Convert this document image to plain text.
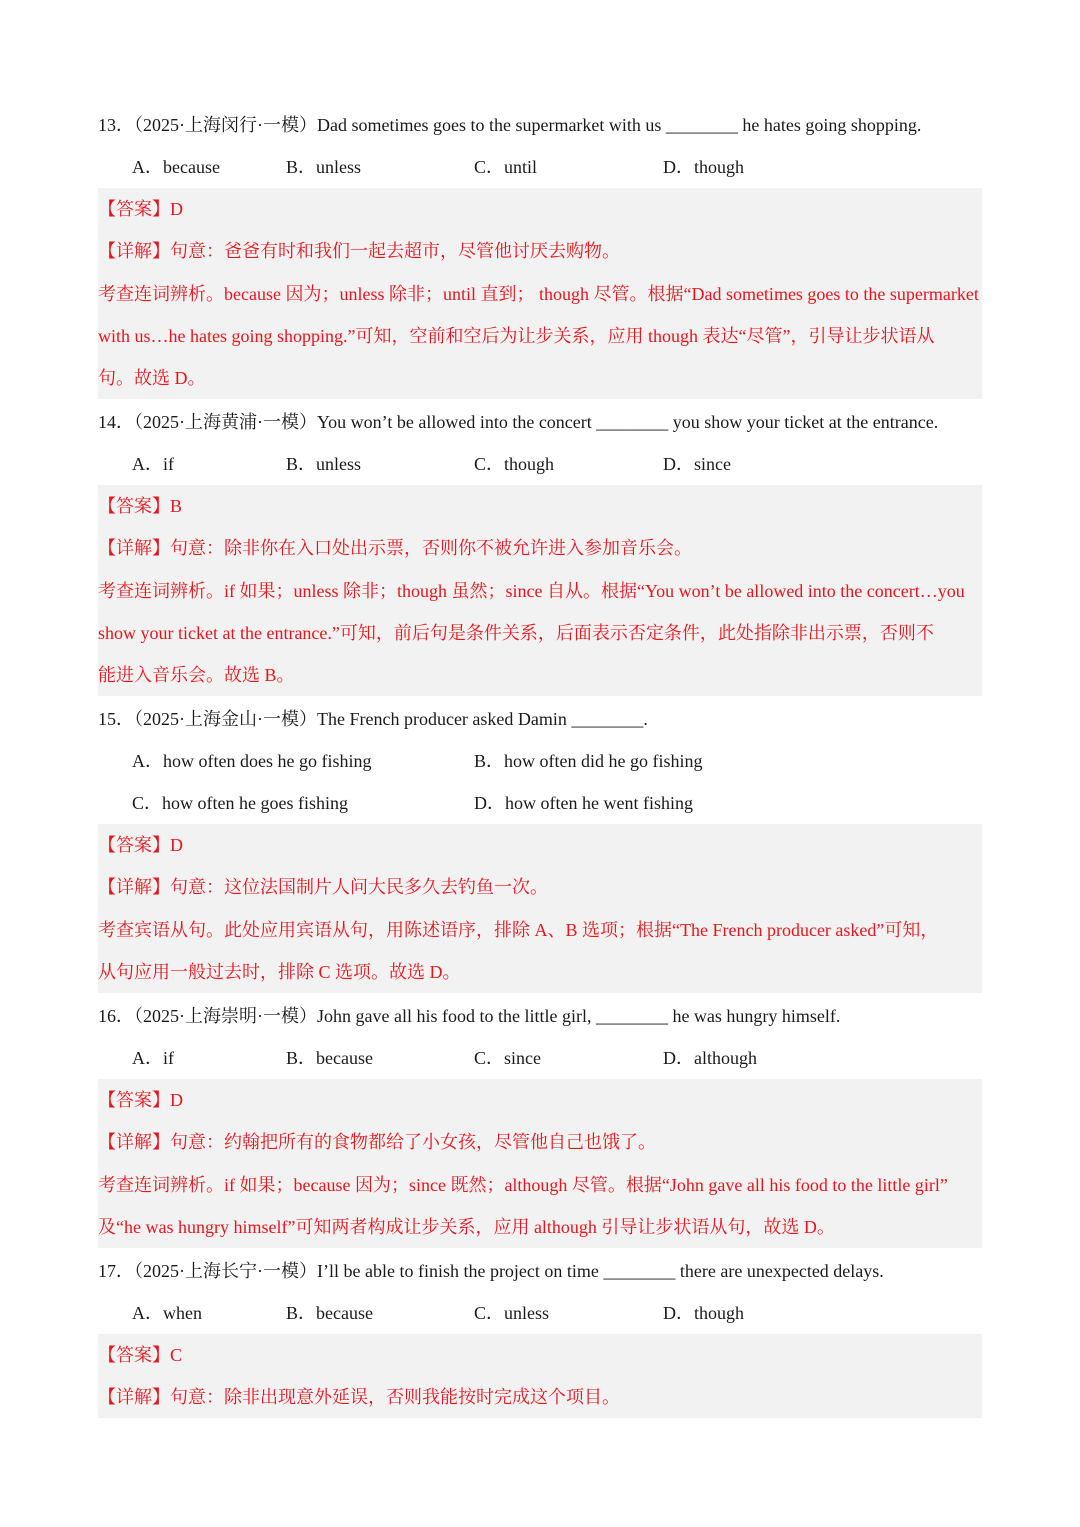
13．（2025·上海闵行·一模）Dad sometimes goes to the supermarket with us ________ he hates going shopping.
A．because	B．unless	C．until	D．though
【答案】D
【详解】句意：爸爸有时和我们一起去超市，尽管他讨厌去购物。
考查连词辨析。because 因为；unless 除非；until 直到； though 尽管。根据“Dad sometimes goes to the supermarket
with us…he hates going shopping.”可知，空前和空后为让步关系，应用 though 表达“尽管”，引导让步状语从
句。故选 D。
14．（2025·上海黄浦·一模）You won’t be allowed into the concert ________ you show your ticket at the entrance.
A．if	B．unless	C．though	D．since
【答案】B
【详解】句意：除非你在入口处出示票，否则你不被允许进入参加音乐会。
考查连词辨析。if 如果；unless 除非；though 虽然；since 自从。根据“You won’t be allowed into the concert…you
show your ticket at the entrance.”可知，前后句是条件关系，后面表示否定条件，此处指除非出示票，否则不
能进入音乐会。故选 B。
15．（2025·上海金山·一模）The French producer asked Damin ________.
A．how often does he go fishing	B．how often did he go fishing
C．how often he goes fishing	D．how often he went fishing
【答案】D
【详解】句意：这位法国制片人问大民多久去钓鱼一次。
考查宾语从句。此处应用宾语从句，用陈述语序，排除 A、B 选项；根据“The French producer asked”可知，
从句应用一般过去时，排除 C 选项。故选 D。
16．（2025·上海崇明·一模）John gave all his food to the little girl, ________ he was hungry himself.
A．if	B．because	C．since	D．although
【答案】D
【详解】句意：约翰把所有的食物都给了小女孩，尽管他自己也饿了。
考查连词辨析。if 如果；because 因为；since 既然；although 尽管。根据“John gave all his food to the little girl”
及“he was hungry himself”可知两者构成让步关系，应用 although 引导让步状语从句，故选 D。
17．（2025·上海长宁·一模）I’ll be able to finish the project on time ________ there are unexpected delays.
A．when	B．because	C．unless	D．though
【答案】C
【详解】句意：除非出现意外延误，否则我能按时完成这个项目。
